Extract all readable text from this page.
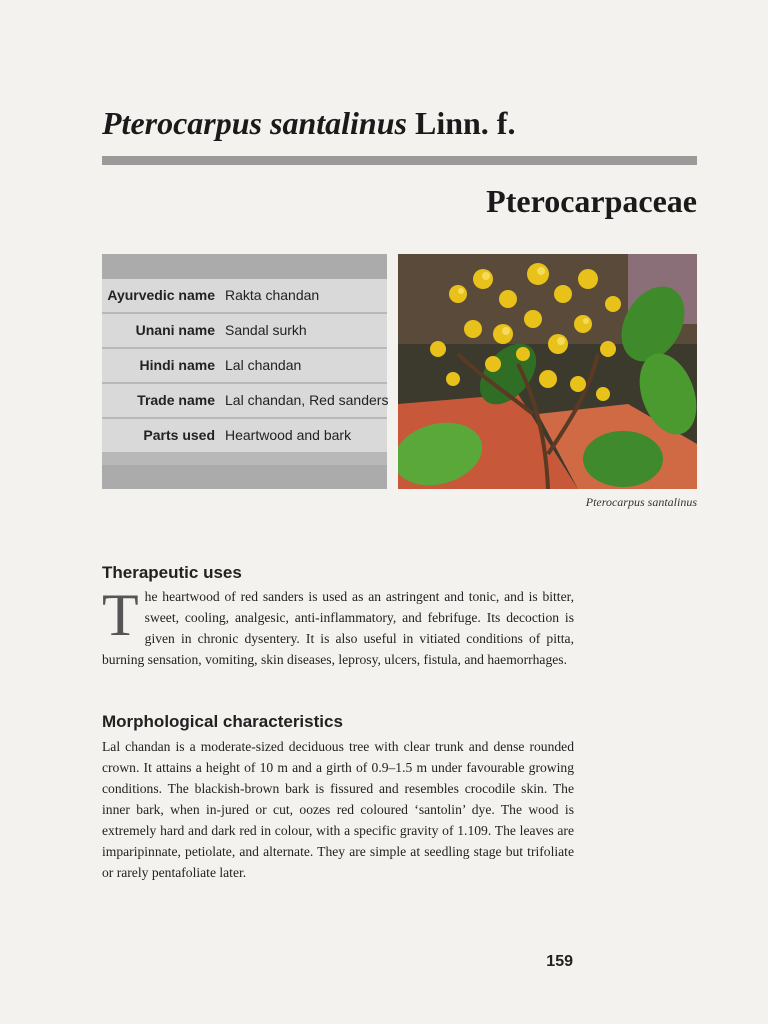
Pterocarpus santalinus Linn. f.
Pterocarpaceae
Ayurvedic name Rakta chandan
Unani name Sandal surkh
Hindi name Lal chandan
Trade name Lal chandan, Red sanders
Parts used Heartwood and bark

Pterocarpus santalinus

Therapeutic uses

The heartwood of red sanders is used as an astringent and tonic, and is bitter, sweet, cooling, analgesic, anti-inflammatory, and febrifuge. Its decoction is given in chronic dysentery. It is also useful in vitiated conditions of pitta, burning sensation, vomiting, skin diseases, leprosy, ulcers, fistula, and haemorrhages.

Morphological characteristics

Lal chandan is a moderate-sized deciduous tree with clear trunk and dense rounded crown. It attains a height of 10 m and a girth of 0.9–1.5 m under favourable growing conditions. The blackish-brown bark is fissured and resembles crocodile skin. The inner bark, when in-jured or cut, oozes red coloured ‘santolin’ dye. The wood is extremely hard and dark red in colour, with a specific gravity of 1.109. The leaves are imparipinnate, petiolate, and alternate. They are simple at seedling stage but trifoliate or rarely pentafoliate later.

159
